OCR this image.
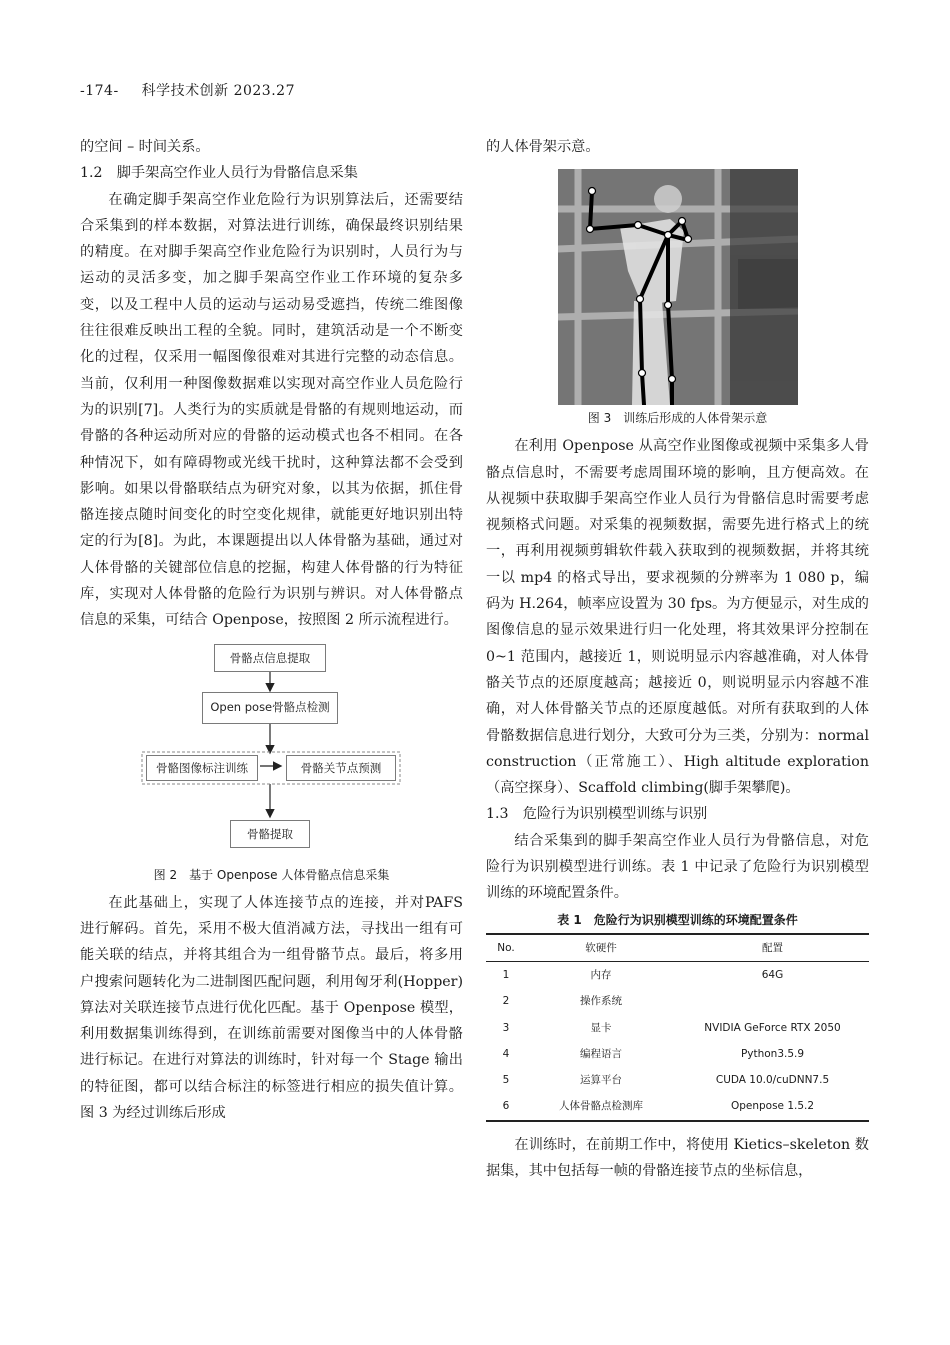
-174- 科学技术创新 2023.27

的空间 – 时间关系。

1.2　脚手架高空作业人员行为骨骼信息采集

在确定脚手架高空作业危险行为识别算法后，还需要结合采集到的样本数据，对算法进行训练，确保最终识别结果的精度。在对脚手架高空作业危险行为识别时，人员行为与运动的灵活多变，加之脚手架高空作业工作环境的复杂多变，以及工程中人员的运动与运动易受遮挡，传统二维图像往往很难反映出工程的全貌。同时，建筑活动是一个不断变化的过程，仅采用一幅图像很难对其进行完整的动态信息。当前，仅利用一种图像数据难以实现对高空作业人员危险行为的识别[7]。人类行为的实质就是骨骼的有规则地运动，而骨骼的各种运动所对应的骨骼的运动模式也各不相同。在各种情况下，如有障碍物或光线干扰时，这种算法都不会受到影响。如果以骨骼联结点为研究对象，以其为依据，抓住骨骼连接点随时间变化的时空变化规律，就能更好地识别出特定的行为[8]。为此，本课题提出以人体骨骼为基础，通过对人体骨骼的关键部位信息的挖掘，构建人体骨骼的行为特征库，实现对人体骨骼的危险行为识别与辨识。对人体骨骼点信息的采集，可结合 Openpose，按照图 2 所示流程进行。

骨骼点信息提取
Open pose骨骼点检测
骨骼图像标注训练	骨骼关节点预测
骨骼提取
图 2　基于 Openpose 人体骨骼点信息采集

在此基础上，实现了人体连接节点的连接，并对PAFS 进行解码。首先，采用不极大值消减方法，寻找出一组有可能关联的结点，并将其组合为一组骨骼节点。最后，将多用户搜索问题转化为二进制图匹配问题，利用匈牙利(Hopper)算法对关联连接节点进行优化匹配。基于 Openpose 模型，利用数据集训练得到，在训练前需要对图像当中的人体骨骼进行标记。在进行对算法的训练时，针对每一个 Stage 输出的特征图，都可以结合标注的标签进行相应的损失值计算。图 3 为经过训练后形成

的人体骨架示意。

图 3　训练后形成的人体骨架示意

在利用 Openpose 从高空作业图像或视频中采集多人骨骼点信息时，不需要考虑周围环境的影响，且方便高效。在从视频中获取脚手架高空作业人员行为骨骼信息时需要考虑视频格式问题。对采集的视频数据，需要先进行格式上的统一，再利用视频剪辑软件载入获取到的视频数据，并将其统一以 mp4 的格式导出，要求视频的分辨率为 1 080 p，编码为 H.264，帧率应设置为 30 fps。为方便显示，对生成的图像信息的显示效果进行归一化处理，将其效果评分控制在 0~1 范围内，越接近 1，则说明显示内容越准确，对人体骨骼关节点的还原度越高；越接近 0，则说明显示内容越不准确，对人体骨骼关节点的还原度越低。对所有获取到的人体骨骼数据信息进行划分，大致可分为三类，分别为：normal construction（正常施工）、High altitude exploration（高空探身）、Scaffold climbing(脚手架攀爬)。

1.3　危险行为识别模型训练与识别

结合采集到的脚手架高空作业人员行为骨骼信息，对危险行为识别模型进行训练。表 1 中记录了危险行为识别模型训练的环境配置条件。

表 1　危险行为识别模型训练的环境配置条件
No.	软硬件	配置
1	内存	64G
2	操作系统	
3	显卡	NVIDIA GeForce RTX 2050
4	编程语言	Python3.5.9
5	运算平台	CUDA 10.0/cuDNN7.5
6	人体骨骼点检测库	Openpose 1.5.2

在训练时，在前期工作中，将使用 Kietics–skeleton 数据集，其中包括每一帧的骨骼连接节点的坐标信息，
